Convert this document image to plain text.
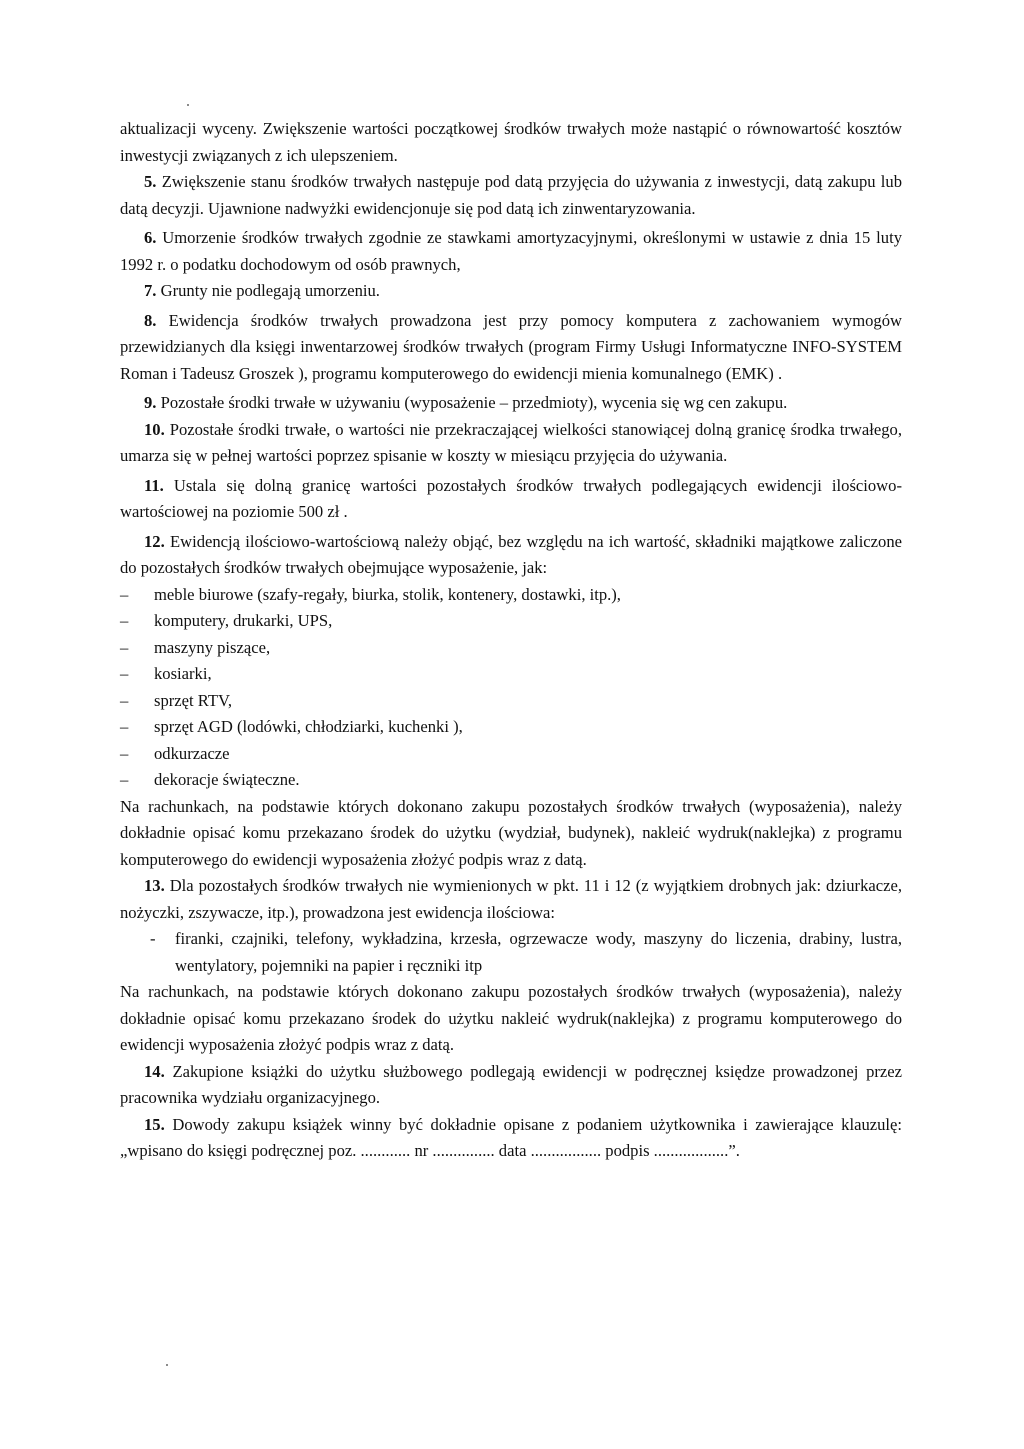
aktualizacji wyceny. Zwiększenie wartości początkowej środków trwałych może nastąpić o równowartość kosztów inwestycji związanych z ich ulepszeniem.

5. Zwiększenie stanu środków trwałych następuje pod datą przyjęcia do używania z inwestycji, datą zakupu lub datą decyzji. Ujawnione nadwyżki ewidencjonuje się pod datą ich zinwentaryzowania.

6. Umorzenie środków trwałych zgodnie ze stawkami amortyzacyjnymi, określonymi w ustawie z dnia 15 luty 1992 r. o podatku dochodowym od osób prawnych,

7. Grunty nie podlegają umorzeniu.

8. Ewidencja środków trwałych prowadzona jest przy pomocy komputera z zachowaniem wymogów przewidzianych dla księgi inwentarzowej środków trwałych (program Firmy Usługi Informatyczne INFO-SYSTEM Roman i Tadeusz Groszek ), programu komputerowego do ewidencji mienia komunalnego (EMK) .

9. Pozostałe środki trwałe w używaniu (wyposażenie – przedmioty), wycenia się wg cen zakupu.

10. Pozostałe środki trwałe, o wartości nie przekraczającej wielkości stanowiącej dolną granicę środka trwałego, umarza się w pełnej wartości poprzez spisanie w koszty w miesiącu przyjęcia do używania.

11. Ustala się dolną granicę wartości pozostałych środków trwałych podlegających ewidencji ilościowo-wartościowej na poziomie 500 zł .

12. Ewidencją ilościowo-wartościową należy objąć, bez względu na ich wartość, składniki majątkowe zaliczone do pozostałych środków trwałych obejmujące wyposażenie, jak:

– meble biurowe (szafy-regały, biurka, stolik, kontenery, dostawki, itp.),

– komputery, drukarki, UPS,

– maszyny piszące,

– kosiarki,

– sprzęt RTV,

– sprzęt AGD (lodówki, chłodziarki, kuchenki ),

– odkurzacze

– dekoracje świąteczne.

Na rachunkach, na podstawie których dokonano zakupu pozostałych środków trwałych (wyposażenia), należy dokładnie opisać komu przekazano środek do użytku (wydział, budynek), nakleić wydruk(naklejka) z programu komputerowego do ewidencji wyposażenia złożyć podpis wraz z datą.

13. Dla pozostałych środków trwałych nie wymienionych w pkt. 11 i 12 (z wyjątkiem drobnych jak: dziurkacze, nożyczki, zszywacze, itp.), prowadzona jest ewidencja ilościowa:

- firanki, czajniki, telefony, wykładzina, krzesła, ogrzewacze wody, maszyny do liczenia, drabiny, lustra, wentylatory, pojemniki na papier i ręczniki itp

Na rachunkach, na podstawie których dokonano zakupu pozostałych środków trwałych (wyposażenia), należy dokładnie opisać komu przekazano środek do użytku nakleić wydruk(naklejka) z programu komputerowego do ewidencji wyposażenia złożyć podpis wraz z datą.

14. Zakupione książki do użytku służbowego podlegają ewidencji w podręcznej księdze prowadzonej przez pracownika wydziału organizacyjnego.

15. Dowody zakupu książek winny być dokładnie opisane z podaniem użytkownika i zawierające klauzulę: „wpisano do księgi podręcznej poz. ............ nr ............... data ................. podpis ..................”.
